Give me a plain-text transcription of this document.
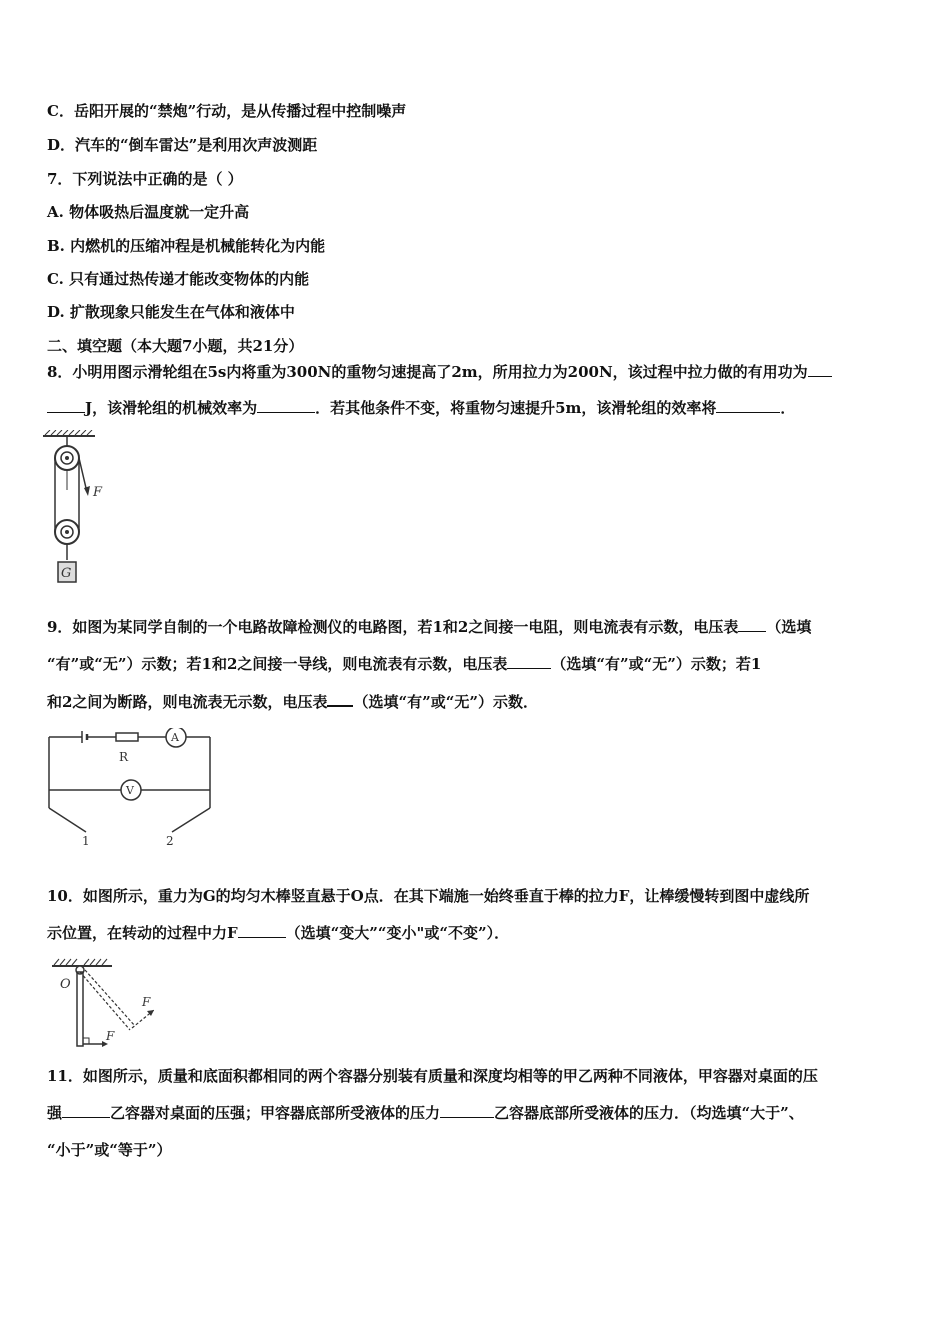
C．岳阳开展的“禁炮”行动，是从传播过程中控制噪声
D．汽车的“倒车雷达”是利用次声波测距
7．下列说法中正确的是（ ）
A. 物体吸热后温度就一定升高
B. 内燃机的压缩冲程是机械能转化为内能
C. 只有通过热传递才能改变物体的内能
D. 扩散现象只能发生在气体和液体中
二、填空题（本大题7小题，共21分）
8．小明用图示滑轮组在5s内将重为300N的重物匀速提高了2m，所用拉力为200N，该过程中拉力做的有用功为
J，该滑轮组的机械效率为	．若其他条件不变，将重物匀速提升5m，该滑轮组的效率将	．
F
G
9．如图为某同学自制的一个电路故障检测仪的电路图，若1和2之间接一电阻，则电流表有示数，电压表 （选填
“有”或“无”）示数；若1和2之间接一导线，则电流表有示数，电压表	（选填“有”或“无”）示数；若1
和2之间为断路，则电流表无示数，电压表 （选填“有”或“无”）示数．
A
R
V
1	2
10．如图所示，重力为G的均匀木棒竖直悬于O点．在其下端施一始终垂直于棒的拉力F，让棒缓慢转到图中虚线所
示位置，在转动的过程中力F	（选填“变大”“变小"或“不变”）．
O
F
F
11．如图所示，质量和底面积都相同的两个容器分别装有质量和深度均相等的甲乙两种不同液体，甲容器对桌面的压
强	乙容器对桌面的压强；甲容器底部所受液体的压力	乙容器底部所受液体的压力．（均选填“大于”、
“小于”或“等于”）
